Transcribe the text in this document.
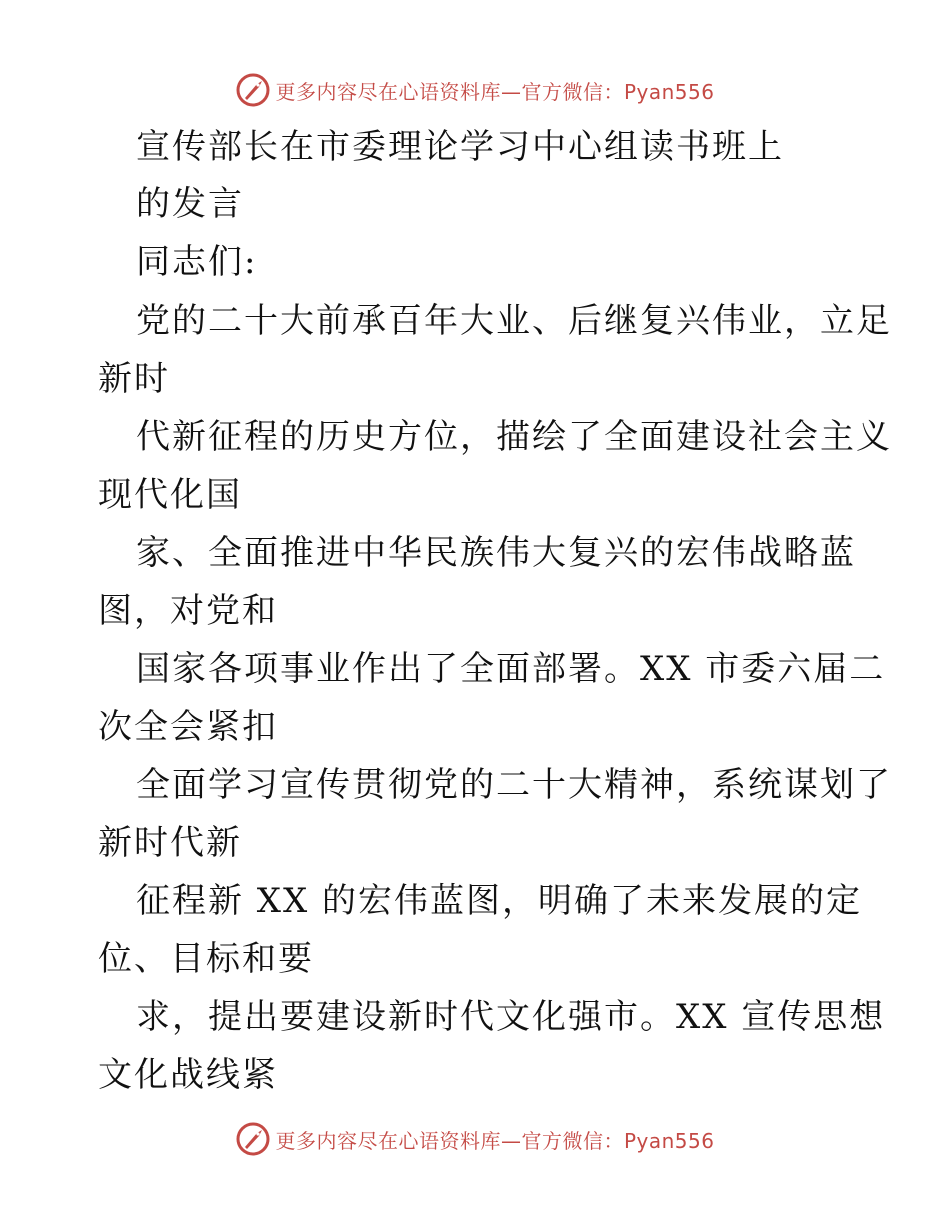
更多内容尽在心语资料库—官方微信：Pyan556
宣传部长在市委理论学习中心组读书班上
的发言
同志们:
党的二十大前承百年大业、后继复兴伟业，立足
新时
代新征程的历史方位，描绘了全面建设社会主义
现代化国
家、全面推进中华民族伟大复兴的宏伟战略蓝
图，对党和
国家各项事业作出了全面部署。XX 市委六届二
次全会紧扣
全面学习宣传贯彻党的二十大精神，系统谋划了
新时代新
征程新 XX 的宏伟蓝图，明确了未来发展的定
位、目标和要
求，提出要建设新时代文化强市。XX 宣传思想
文化战线紧
更多内容尽在心语资料库—官方微信：Pyan556
